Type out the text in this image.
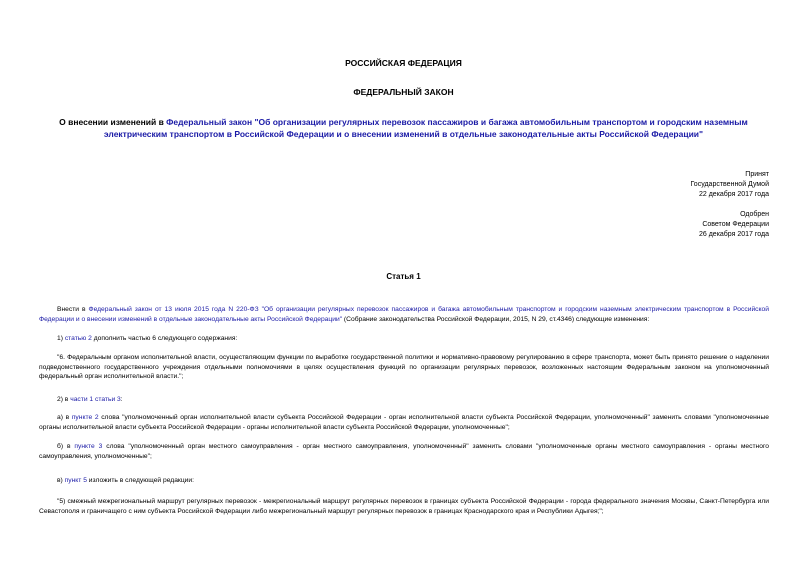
РОССИЙСКАЯ ФЕДЕРАЦИЯ
ФЕДЕРАЛЬНЫЙ ЗАКОН
О внесении изменений в Федеральный закон "Об организации регулярных перевозок пассажиров и багажа автомобильным транспортом и городским наземным электрическим транспортом в Российской Федерации и о внесении изменений в отдельные законодательные акты Российской Федерации"
Принят
Государственной Думой
22 декабря 2017 года
Одобрен
Советом Федерации
26 декабря 2017 года
Статья 1
Внести в Федеральный закон от 13 июля 2015 года N 220-ФЗ "Об организации регулярных перевозок пассажиров и багажа автомобильным транспортом и городским наземным электрическим транспортом в Российской Федерации и о внесении изменений в отдельные законодательные акты Российской Федерации" (Собрание законодательства Российской Федерации, 2015, N 29, ст.4346) следующие изменения:
1) статью 2 дополнить частью 6 следующего содержания:
"6. Федеральным органом исполнительной власти, осуществляющим функции по выработке государственной политики и нормативно-правовому регулированию в сфере транспорта, может быть принято решение о наделении подведомственного государственного учреждения отдельными полномочиями в целях осуществления функций по организации регулярных перевозок, возложенных настоящим Федеральным законом на уполномоченный федеральный орган исполнительной власти.";
2) в части 1 статьи 3:
а) в пункте 2 слова "уполномоченный орган исполнительной власти субъекта Российской Федерации - орган исполнительной власти субъекта Российской Федерации, уполномоченный" заменить словами "уполномоченные органы исполнительной власти субъекта Российской Федерации - органы исполнительной власти субъекта Российской Федерации, уполномоченные";
б) в пункте 3 слова "уполномоченный орган местного самоуправления - орган местного самоуправления, уполномоченный" заменить словами "уполномоченные органы местного самоуправления - органы местного самоуправления, уполномоченные";
в) пункт 5 изложить в следующей редакции:
"5) смежный межрегиональный маршрут регулярных перевозок - межрегиональный маршрут регулярных перевозок в границах субъекта Российской Федерации - города федерального значения Москвы, Санкт-Петербурга или Севастополя и граничащего с ним субъекта Российской Федерации либо межрегиональный маршрут регулярных перевозок в границах Краснодарского края и Республики Адыгея;";
